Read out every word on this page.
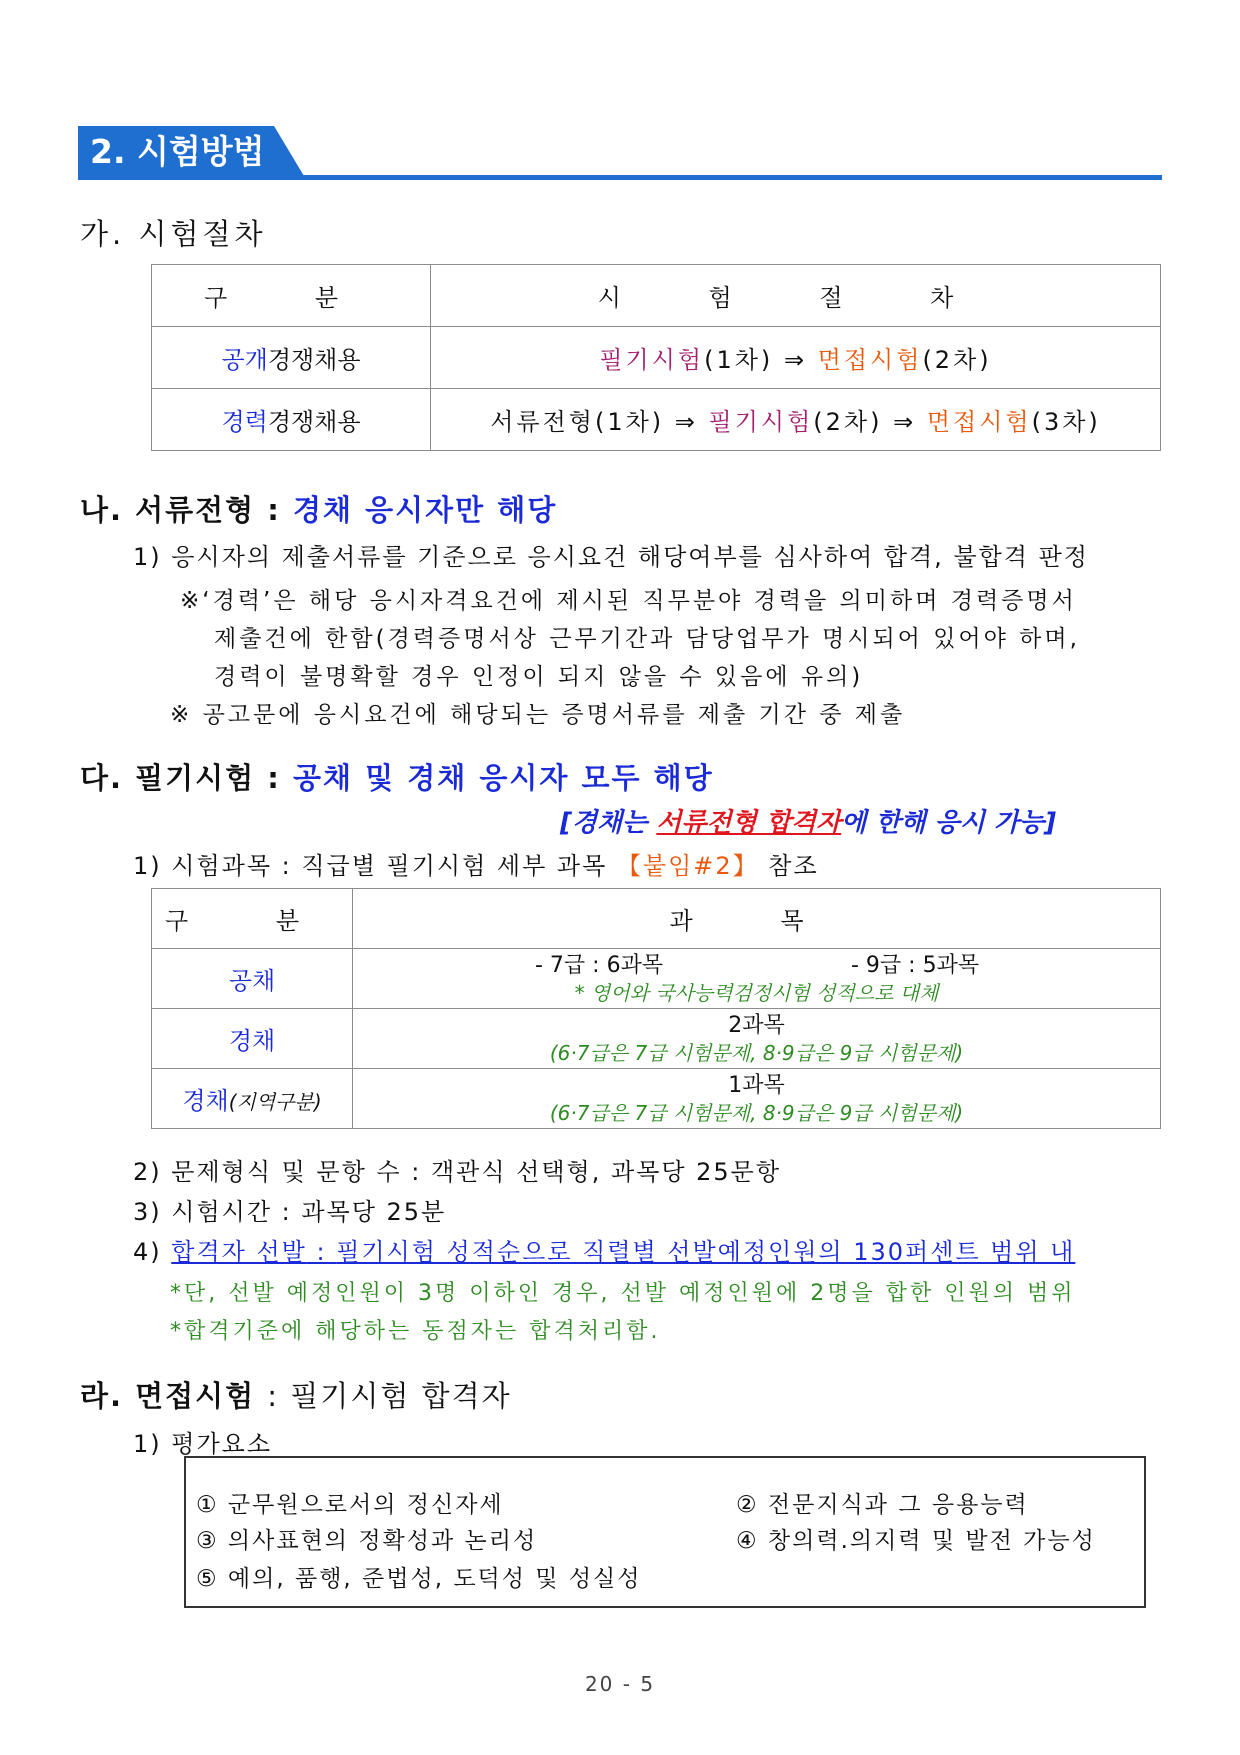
2. 시험방법
가. 시험절차
구 분	시 험 절 차
공개경쟁채용	필기시험(1차) ⇒ 면접시험(2차)
경력경쟁채용	서류전형(1차) ⇒ 필기시험(2차) ⇒ 면접시험(3차)
나. 서류전형 : 경채 응시자만 해당
1) 응시자의 제출서류를 기준으로 응시요건 해당여부를 심사하여 합격, 불합격 판정
※‘경력’은 해당 응시자격요건에 제시된 직무분야 경력을 의미하며 경력증명서
제출건에 한함(경력증명서상 근무기간과 담당업무가 명시되어 있어야 하며,
경력이 불명확할 경우 인정이 되지 않을 수 있음에 유의)
※ 공고문에 응시요건에 해당되는 증명서류를 제출 기간 중 제출
다. 필기시험 : 공채 및 경채 응시자 모두 해당
[경채는 서류전형 합격자에 한해 응시 가능]
1) 시험과목 : 직급별 필기시험 세부 과목 【붙임#2】 참조
구 분	과 목
공채	- 7급 : 6과목 - 9급 : 5과목
* 영어와 국사능력검정시험 성적으로 대체

경채	2과목
(6·7급은 7급 시험문제, 8·9급은 9급 시험문제)

경채(지역구분)	1과목
(6·7급은 7급 시험문제, 8·9급은 9급 시험문제)
2) 문제형식 및 문항 수 : 객관식 선택형, 과목당 25문항
3) 시험시간 : 과목당 25분
4) 합격자 선발 : 필기시험 성적순으로 직렬별 선발예정인원의 130퍼센트 범위 내
*단, 선발 예정인원이 3명 이하인 경우, 선발 예정인원에 2명을 합한 인원의 범위
*합격기준에 해당하는 동점자는 합격처리함.
라. 면접시험 : 필기시험 합격자
1) 평가요소
① 군무원으로서의 정신자세	② 전문지식과 그 응용능력
③ 의사표현의 정확성과 논리성	④ 창의력.의지력 및 발전 가능성
⑤ 예의, 품행, 준법성, 도덕성 및 성실성
20 - 5
